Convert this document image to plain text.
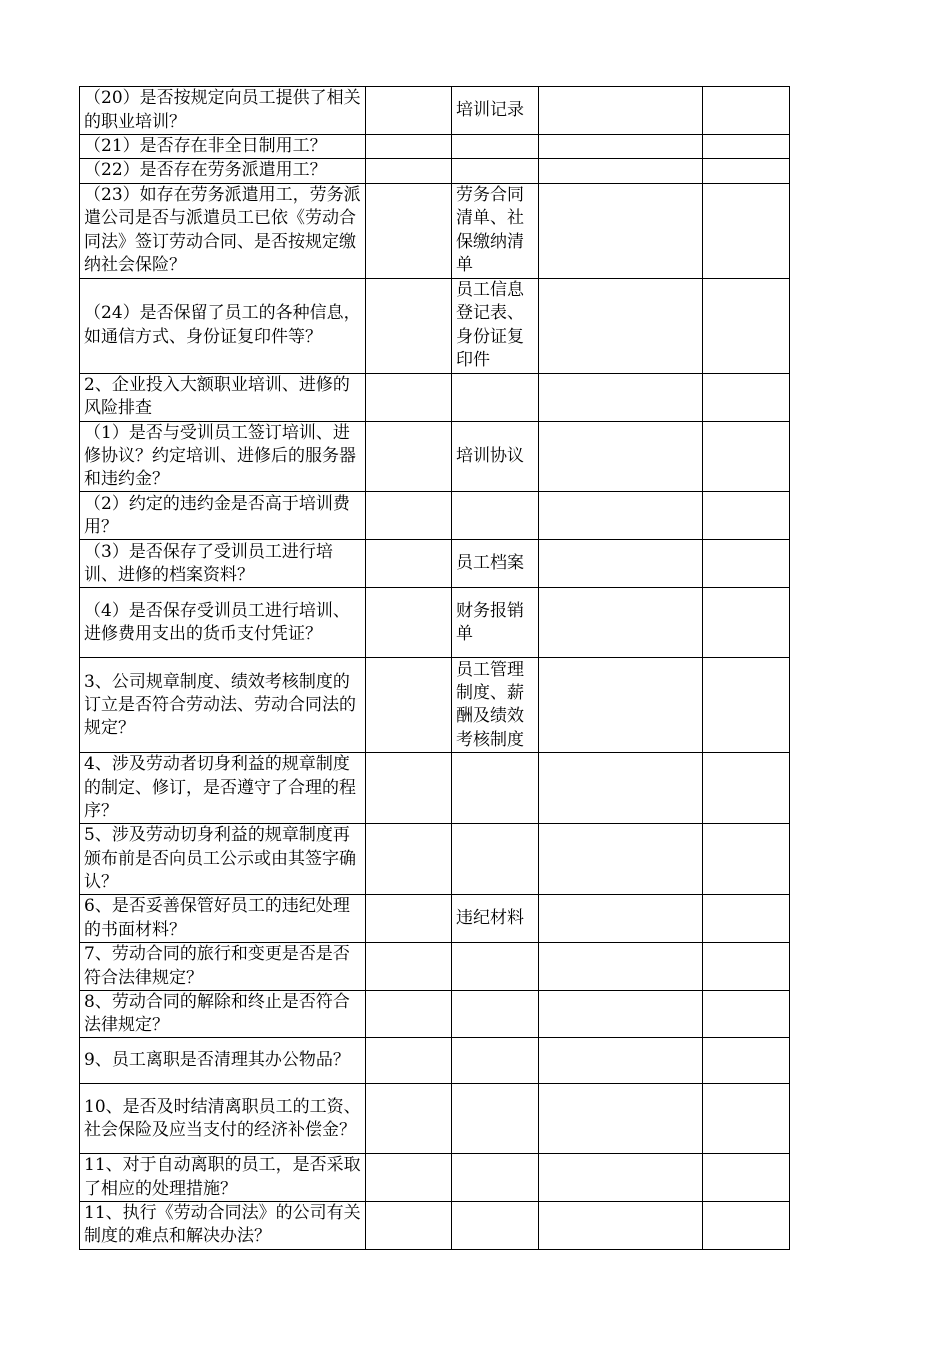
（20）是否按规定向员工提供了相关的职业培训？		培训记录		
（21）是否存在非全日制用工？				
（22）是否存在劳务派遣用工？				
（23）如存在劳务派遣用工，劳务派遣公司是否与派遣员工已依《劳动合同法》签订劳动合同、是否按规定缴纳社会保险？		劳务合同清单、社保缴纳清单		
（24）是否保留了员工的各种信息，如通信方式、身份证复印件等？		员工信息登记表、身份证复印件		
2、企业投入大额职业培训、进修的风险排查				
（1）是否与受训员工签订培训、进修协议？约定培训、进修后的服务器和违约金？		培训协议		
（2）约定的违约金是否高于培训费用？				
（3）是否保存了受训员工进行培训、进修的档案资料？		员工档案		
（4）是否保存受训员工进行培训、进修费用支出的货币支付凭证？		财务报销单		
3、公司规章制度、绩效考核制度的订立是否符合劳动法、劳动合同法的规定？		员工管理制度、薪酬及绩效考核制度		
4、涉及劳动者切身利益的规章制度的制定、修订，是否遵守了合理的程序？				
5、涉及劳动切身利益的规章制度再颁布前是否向员工公示或由其签字确认？				
6、是否妥善保管好员工的违纪处理的书面材料？		违纪材料		
7、劳动合同的旅行和变更是否是否符合法律规定？				
8、劳动合同的解除和终止是否符合法律规定？				
9、员工离职是否清理其办公物品？				
10、是否及时结清离职员工的工资、社会保险及应当支付的经济补偿金？				
11、对于自动离职的员工，是否采取了相应的处理措施？				
11、执行《劳动合同法》的公司有关制度的难点和解决办法？				
